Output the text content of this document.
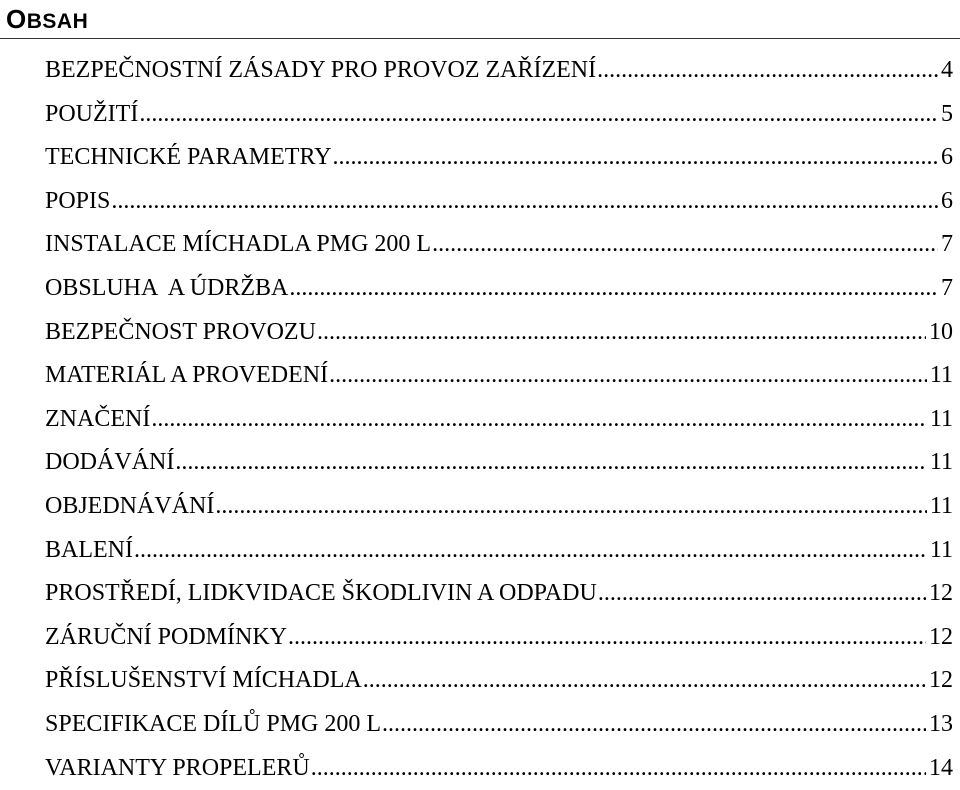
OBSAH
BEZPEČNOSTNÍ ZÁSADY PRO PROVOZ ZAŘÍZENÍ .....	4
POUŽITÍ .....	5
TECHNICKÉ PARAMETRY .....	6
POPIS .....	6
INSTALACE MÍCHADLA PMG 200 L .....	7
OBSLUHA  A ÚDRŽBA .....	7
BEZPEČNOST PROVOZU .....	10
MATERIÁL A PROVEDENÍ .....	11
ZNAČENÍ .....	11
DODÁVÁNÍ .....	11
OBJEDNÁVÁNÍ .....	11
BALENÍ .....	11
PROSTŘEDÍ, LIDKVIDACE ŠKODLIVIN A ODPADU .....	12
ZÁRUČNÍ PODMÍNKY .....	12
PŘÍSLUŠENSTVÍ MÍCHADLA .....	12
SPECIFIKACE DÍLŮ PMG 200 L .....	13
VARIANTY PROPELERŮ .....	14
